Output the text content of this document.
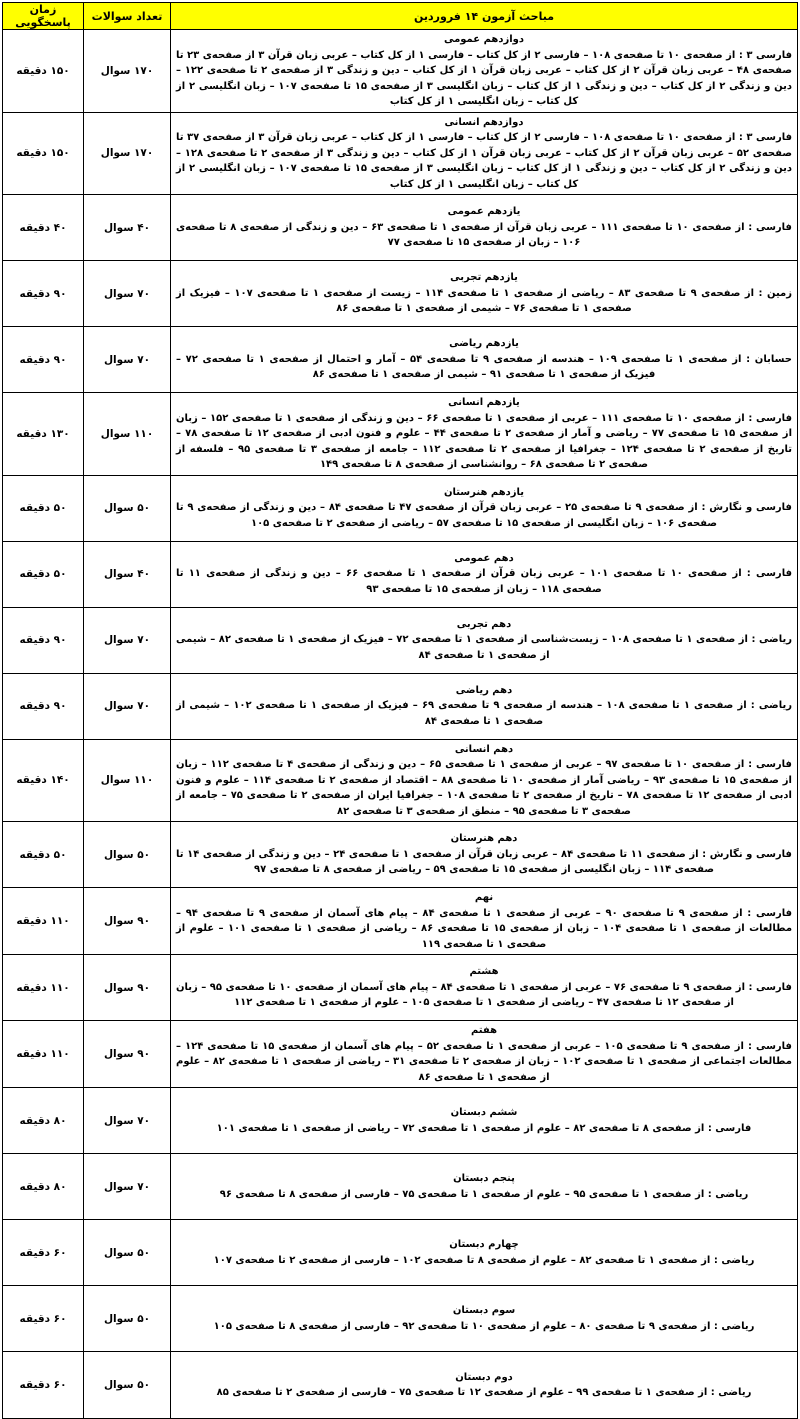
مباحث آزمون ۱۴ فروردین	تعداد سوالات	زمان پاسخگویی

دوازدهم عمومی
فارسی ۳ : از صفحه‌ی ۱۰ تا صفحه‌ی ۱۰۸ – فارسی ۲ از کل کتاب – فارسی ۱ از کل کتاب – عربی زبان قرآن ۳ از صفحه‌ی ۲۳ تا صفحه‌ی ۴۸ – عربی زبان قرآن ۲ از کل کتاب – عربی زبان قرآن ۱ از کل کتاب – دین و زندگی ۳ از صفحه‌ی ۲ تا صفحه‌ی ۱۲۲ – دین و زندگی ۲ از کل کتاب – دین و زندگی ۱ از کل کتاب – زبان انگلیسی ۳ از صفحه‌ی ۱۵ تا صفحه‌ی ۱۰۷ – زبان انگلیسی ۲ از کل کتاب – زبان انگلیسی ۱ از کل کتاب	۱۷۰ سوال	۱۵۰ دقیقه

دوازدهم انسانی
فارسی ۳ : از صفحه‌ی ۱۰ تا صفحه‌ی ۱۰۸ – فارسی ۲ از کل کتاب – فارسی ۱ از کل کتاب – عربی زبان قرآن ۳ از صفحه‌ی ۳۷ تا صفحه‌ی ۵۲ – عربی زبان قرآن ۲ از کل کتاب – عربی زبان قرآن ۱ از کل کتاب – دین و زندگی ۳ از صفحه‌ی ۲ تا صفحه‌ی ۱۲۸ – دین و زندگی ۲ از کل کتاب – دین و زندگی ۱ از کل کتاب – زبان انگلیسی ۳ از صفحه‌ی ۱۵ تا صفحه‌ی ۱۰۷ – زبان انگلیسی ۲ از کل کتاب – زبان انگلیسی ۱ از کل کتاب	۱۷۰ سوال	۱۵۰ دقیقه

یازدهم عمومی
فارسی : از صفحه‌ی ۱۰ تا صفحه‌ی ۱۱۱ – عربی زبان قرآن از صفحه‌ی ۱ تا صفحه‌ی ۶۳ – دین و زندگی از صفحه‌ی ۸ تا صفحه‌ی ۱۰۶ – زبان از صفحه‌ی ۱۵ تا صفحه‌ی ۷۷	۴۰ سوال	۴۰ دقیقه

یازدهم تجربی
زمین : از صفحه‌ی ۹ تا صفحه‌ی ۸۳ – ریاضی از صفحه‌ی ۱ تا صفحه‌ی ۱۱۴ – زیست از صفحه‌ی ۱ تا صفحه‌ی ۱۰۷ – فیزیک از صفحه‌ی ۱ تا صفحه‌ی ۷۶ – شیمی از صفحه‌ی ۱ تا صفحه‌ی ۸۶	۷۰ سوال	۹۰ دقیقه

یازدهم ریاضی
حسابان : از صفحه‌ی ۱ تا صفحه‌ی ۱۰۹ – هندسه از صفحه‌ی ۹ تا صفحه‌ی ۵۴ – آمار و احتمال از صفحه‌ی ۱ تا صفحه‌ی ۷۲ – فیزیک از صفحه‌ی ۱ تا صفحه‌ی ۹۱ – شیمی از صفحه‌ی ۱ تا صفحه‌ی ۸۶	۷۰ سوال	۹۰ دقیقه

یازدهم انسانی
فارسی : از صفحه‌ی ۱۰ تا صفحه‌ی ۱۱۱ – عربی از صفحه‌ی ۱ تا صفحه‌ی ۶۶ – دین و زندگی از صفحه‌ی ۱ تا صفحه‌ی ۱۵۲ – زبان از صفحه‌ی ۱۵ تا صفحه‌ی ۷۷ – ریاضی و آمار از صفحه‌ی ۲ تا صفحه‌ی ۴۴ – علوم و فنون ادبی از صفحه‌ی ۱۲ تا صفحه‌ی ۷۸ – تاریخ از صفحه‌ی ۲ تا صفحه‌ی ۱۲۴ – جغرافیا از صفحه‌ی ۲ تا صفحه‌ی ۱۱۲ – جامعه از صفحه‌ی ۳ تا صفحه‌ی ۹۵ – فلسفه از صفحه‌ی ۲ تا صفحه‌ی ۶۸ – روانشناسی از صفحه‌ی ۸ تا صفحه‌ی ۱۴۹	۱۱۰ سوال	۱۳۰ دقیقه

یازدهم هنرستان
فارسی و نگارش : از صفحه‌ی ۹ تا صفحه‌ی ۲۵ – عربی زبان قرآن از صفحه‌ی ۴۷ تا صفحه‌ی ۸۴ – دین و زندگی از صفحه‌ی ۹ تا صفحه‌ی ۱۰۶ – زبان انگلیسی از صفحه‌ی ۱۵ تا صفحه‌ی ۵۷ – ریاضی از صفحه‌ی ۲ تا صفحه‌ی ۱۰۵	۵۰ سوال	۵۰ دقیقه

دهم عمومی
فارسی : از صفحه‌ی ۱۰ تا صفحه‌ی ۱۰۱ – عربی زبان قرآن از صفحه‌ی ۱ تا صفحه‌ی ۶۶ – دین و زندگی از صفحه‌ی ۱۱ تا صفحه‌ی ۱۱۸ – زبان از صفحه‌ی ۱۵ تا صفحه‌ی ۹۳	۴۰ سوال	۵۰ دقیقه

دهم تجربی
ریاضی : از صفحه‌ی ۱ تا صفحه‌ی ۱۰۸ – زیست‌شناسی از صفحه‌ی ۱ تا صفحه‌ی ۷۲ – فیزیک از صفحه‌ی ۱ تا صفحه‌ی ۸۲ – شیمی از صفحه‌ی ۱ تا صفحه‌ی ۸۴	۷۰ سوال	۹۰ دقیقه

دهم ریاضی
ریاضی : از صفحه‌ی ۱ تا صفحه‌ی ۱۰۸ – هندسه از صفحه‌ی ۹ تا صفحه‌ی ۶۹ – فیزیک از صفحه‌ی ۱ تا صفحه‌ی ۱۰۲ – شیمی از صفحه‌ی ۱ تا صفحه‌ی ۸۴	۷۰ سوال	۹۰ دقیقه

دهم انسانی
فارسی : از صفحه‌ی ۱۰ تا صفحه‌ی ۹۷ – عربی از صفحه‌ی ۱ تا صفحه‌ی ۶۵ – دین و زندگی از صفحه‌ی ۴ تا صفحه‌ی ۱۱۲ – زبان از صفحه‌ی ۱۵ تا صفحه‌ی ۹۳ – ریاضی آمار از صفحه‌ی ۱۰ تا صفحه‌ی ۸۸ – اقتصاد از صفحه‌ی ۲ تا صفحه‌ی ۱۱۴ – علوم و فنون ادبی از صفحه‌ی ۱۲ تا صفحه‌ی ۷۸ – تاریخ از صفحه‌ی ۲ تا صفحه‌ی ۱۰۸ – جغرافیا ایران از صفحه‌ی ۲ تا صفحه‌ی ۷۵ – جامعه از صفحه‌ی ۳ تا صفحه‌ی ۹۵ – منطق از صفحه‌ی ۳ تا صفحه‌ی ۸۲	۱۱۰ سوال	۱۴۰ دقیقه

دهم هنرستان
فارسی و نگارش : از صفحه‌ی ۱۱ تا صفحه‌ی ۸۴ – عربی زبان قرآن از صفحه‌ی ۱ تا صفحه‌ی ۲۴ – دین و زندگی از صفحه‌ی ۱۴ تا صفحه‌ی ۱۱۴ – زبان انگلیسی از صفحه‌ی ۱۵ تا صفحه‌ی ۵۹ – ریاضی از صفحه‌ی ۸ تا صفحه‌ی ۹۷	۵۰ سوال	۵۰ دقیقه

نهم
فارسی : از صفحه‌ی ۹ تا صفحه‌ی ۹۰ – عربی از صفحه‌ی ۱ تا صفحه‌ی ۸۴ – پیام های آسمان از صفحه‌ی ۹ تا صفحه‌ی ۹۴ – مطالعات از صفحه‌ی ۱ تا صفحه‌ی ۱۰۴ – زبان از صفحه‌ی ۱۵ تا صفحه‌ی ۸۶ – ریاضی از صفحه‌ی ۱ تا صفحه‌ی ۱۰۱ – علوم از صفحه‌ی ۱ تا صفحه‌ی ۱۱۹	۹۰ سوال	۱۱۰ دقیقه

هشتم
فارسی : از صفحه‌ی ۹ تا صفحه‌ی ۷۶ – عربی از صفحه‌ی ۱ تا صفحه‌ی ۸۴ – پیام های آسمان از صفحه‌ی ۱۰ تا صفحه‌ی ۹۵ – زبان از صفحه‌ی ۱۲ تا صفحه‌ی ۴۷ – ریاضی از صفحه‌ی ۱ تا صفحه‌ی ۱۰۵ – علوم از صفحه‌ی ۱ تا صفحه‌ی ۱۱۲	۹۰ سوال	۱۱۰ دقیقه

هفتم
فارسی : از صفحه‌ی ۹ تا صفحه‌ی ۱۰۵ – عربی از صفحه‌ی ۱ تا صفحه‌ی ۵۲ – پیام های آسمان از صفحه‌ی ۱۵ تا صفحه‌ی ۱۲۴ – مطالعات اجتماعی از صفحه‌ی ۱ تا صفحه‌ی ۱۰۲ – زبان از صفحه‌ی ۲ تا صفحه‌ی ۳۱ – ریاضی از صفحه‌ی ۱ تا صفحه‌ی ۸۲ – علوم از صفحه‌ی ۱ تا صفحه‌ی ۸۶	۹۰ سوال	۱۱۰ دقیقه

ششم دبستان
فارسی : از صفحه‌ی ۸ تا صفحه‌ی ۸۲ – علوم از صفحه‌ی ۱ تا صفحه‌ی ۷۲ – ریاضی از صفحه‌ی ۱ تا صفحه‌ی ۱۰۱	۷۰ سوال	۸۰ دقیقه

پنجم دبستان
ریاضی : از صفحه‌ی ۱ تا صفحه‌ی ۹۵ – علوم از صفحه‌ی ۱ تا صفحه‌ی ۷۵ – فارسی از صفحه‌ی ۸ تا صفحه‌ی ۹۶	۷۰ سوال	۸۰ دقیقه

چهارم دبستان
ریاضی : از صفحه‌ی ۱ تا صفحه‌ی ۸۲ – علوم از صفحه‌ی ۸ تا صفحه‌ی ۱۰۲ – فارسی از صفحه‌ی ۲ تا صفحه‌ی ۱۰۷	۵۰ سوال	۶۰ دقیقه

سوم دبستان
ریاضی : از صفحه‌ی ۹ تا صفحه‌ی ۸۰ – علوم از صفحه‌ی ۱۰ تا صفحه‌ی ۹۲ – فارسی از صفحه‌ی ۸ تا صفحه‌ی ۱۰۵	۵۰ سوال	۶۰ دقیقه

دوم دبستان
ریاضی : از صفحه‌ی ۱ تا صفحه‌ی ۹۹ – علوم از صفحه‌ی ۱۲ تا صفحه‌ی ۷۵ – فارسی از صفحه‌ی ۲ تا صفحه‌ی ۸۵	۵۰ سوال	۶۰ دقیقه
